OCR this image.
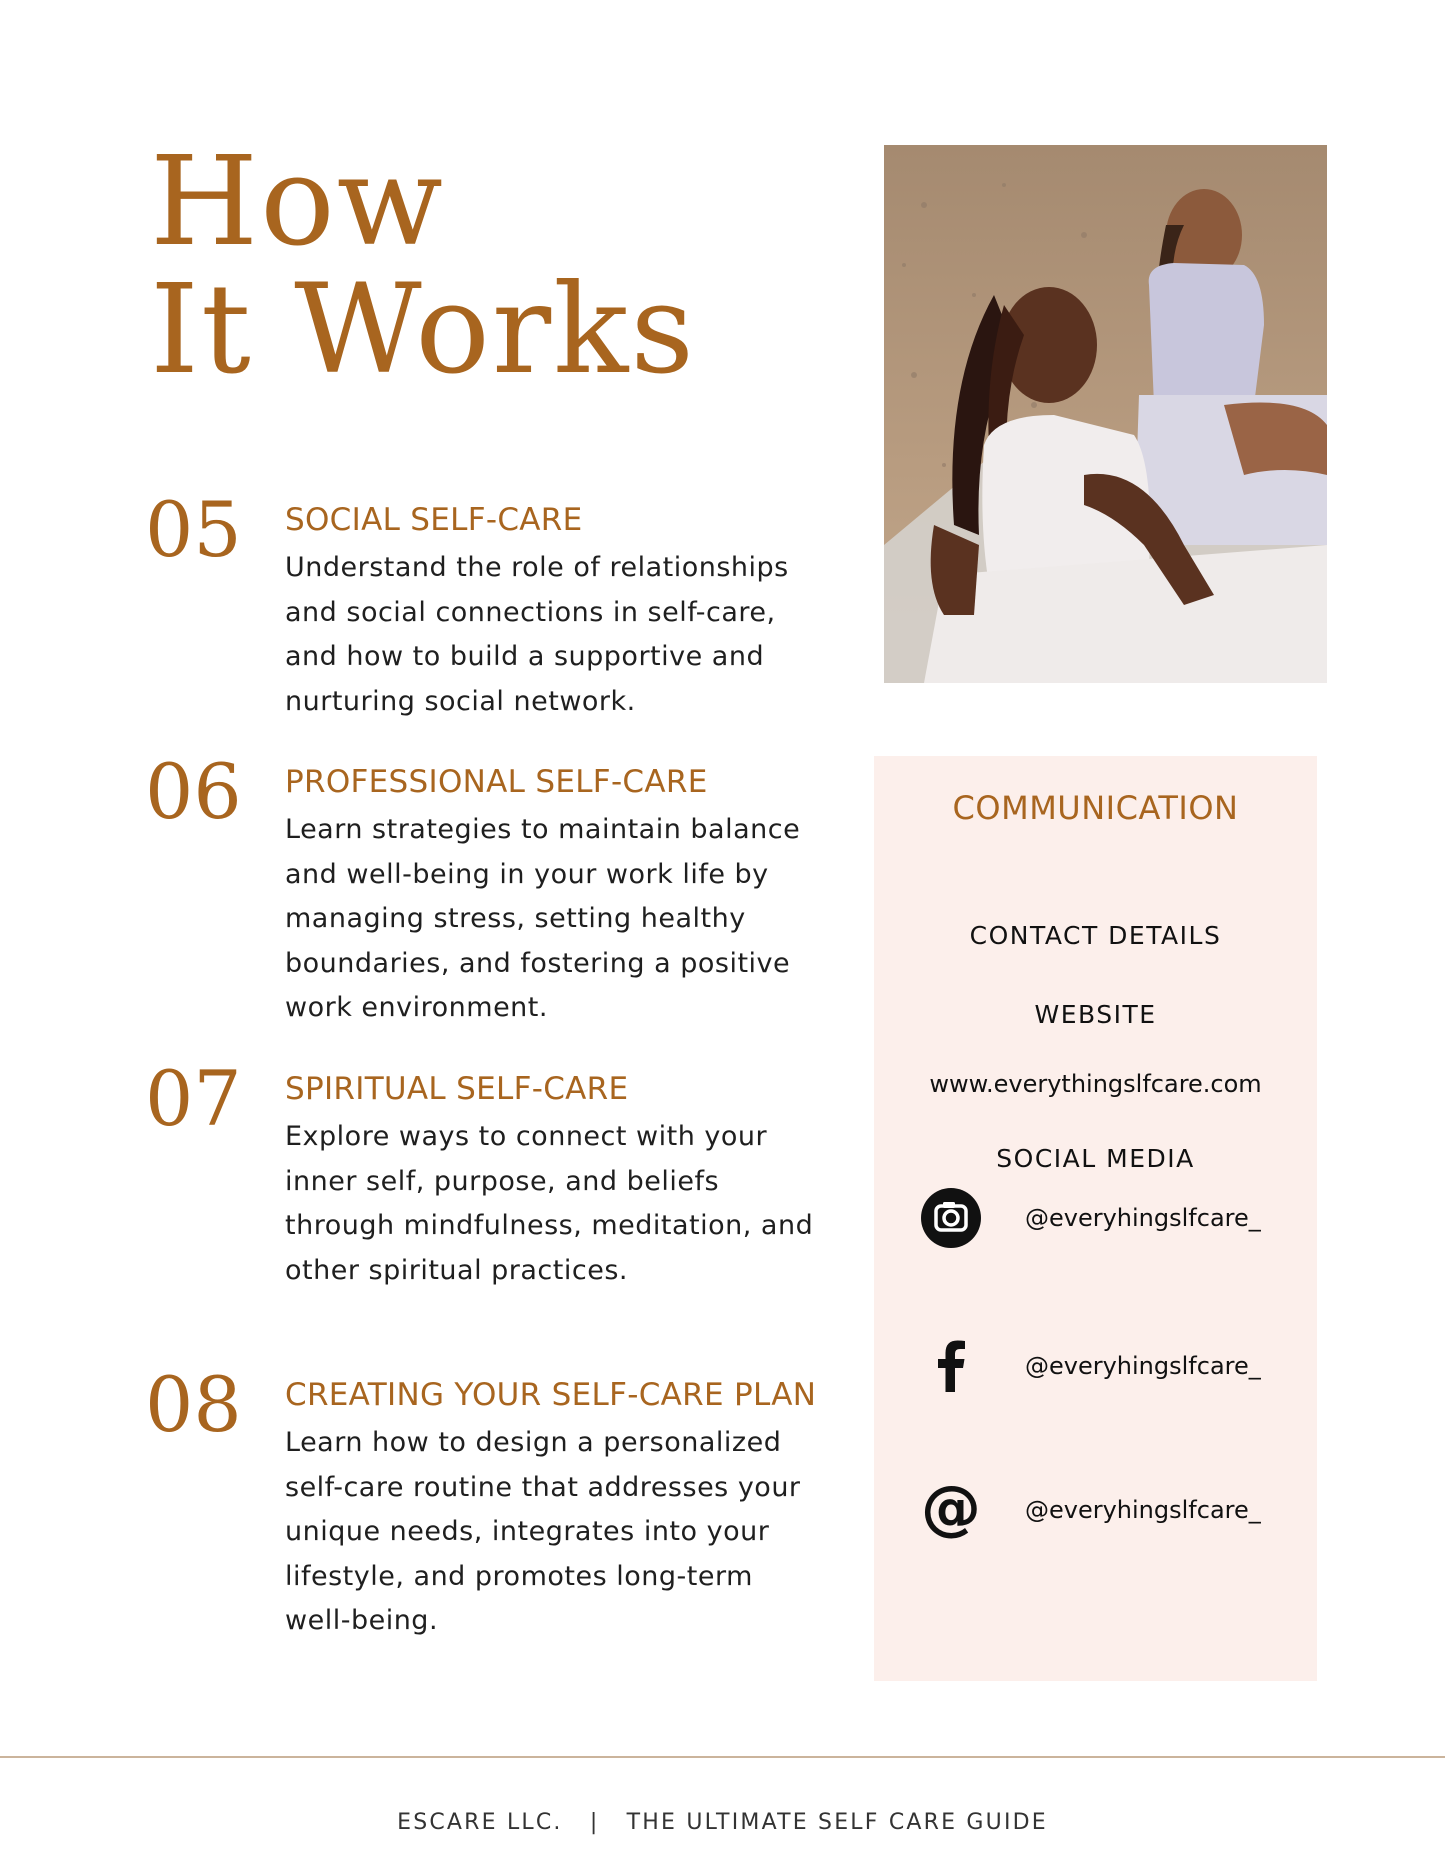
How
It Works
05 SOCIAL SELF-CARE

Understand the role of relationships and social connections in self-care, and how to build a supportive and nurturing social network.

06 PROFESSIONAL SELF-CARE

Learn strategies to maintain balance and well-being in your work life by managing stress, setting healthy boundaries, and fostering a positive work environment.

07 SPIRITUAL SELF-CARE

Explore ways to connect with your inner self, purpose, and beliefs through mindfulness, meditation, and other spiritual practices.

08 CREATING YOUR SELF-CARE PLAN

Learn how to design a personalized self-care routine that addresses your unique needs, integrates into your lifestyle, and promotes long-term well-being.

COMMUNICATION
CONTACT DETAILS
WEBSITE
www.everythingslfcare.com
SOCIAL MEDIA
@everyhingslfcare_
@everyhingslfcare_
@ @everyhingslfcare_
ESCARE LLC. | THE ULTIMATE SELF CARE GUIDE
